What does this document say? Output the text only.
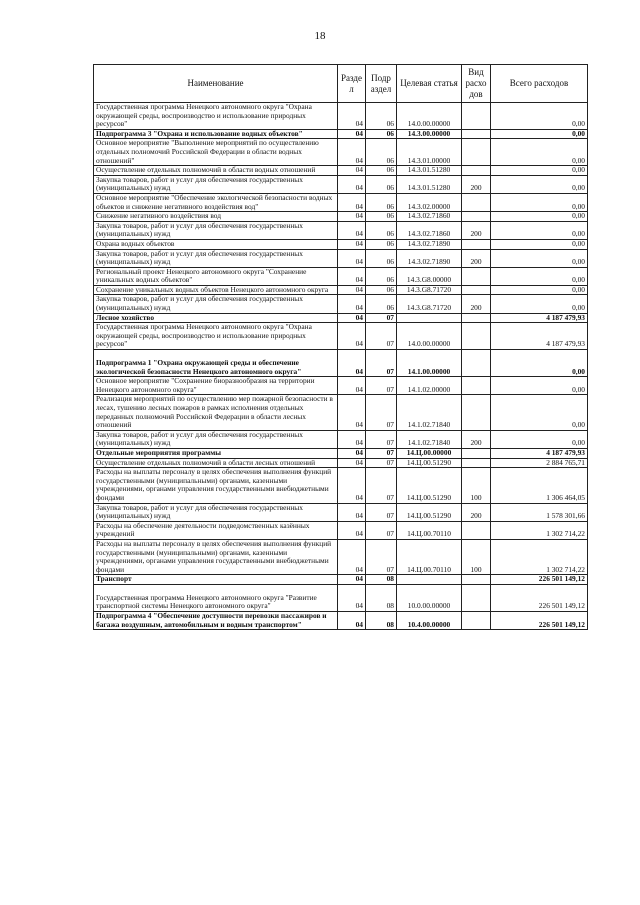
18
Наименование	Разде л	Подр аздел	Целевая статья	Вид расхо дов	Всего расходов
Государственная программа Ненецкого автономного округа "Охрана окружающей среды, воспроизводство и использование природных ресурсов"	04	06	14.0.00.00000		0,00
Подпрограмма 3 "Охрана и использование водных объектов"	04	06	14.3.00.00000		0,00
Основное мероприятие "Выполнение мероприятий по осуществлению отдельных полномочий Российской Федерации в области водных отношений"	04	06	14.3.01.00000		0,00
Осуществление отдельных полномочий в области водных отношений	04	06	14.3.01.51280		0,00
Закупка товаров, работ и услуг для обеспечения государственных (муниципальных) нужд	04	06	14.3.01.51280	200	0,00
Основное мероприятие "Обеспечение экологической безопасности водных объектов и снижение негативного воздействия вод"	04	06	14.3.02.00000		0,00
Снижение негативного воздействия вод	04	06	14.3.02.71860		0,00
Закупка товаров, работ и услуг для обеспечения государственных (муниципальных) нужд	04	06	14.3.02.71860	200	0,00
Охрана водных объектов	04	06	14.3.02.71890		0,00
Закупка товаров, работ и услуг для обеспечения государственных (муниципальных) нужд	04	06	14.3.02.71890	200	0,00
Региональный проект Ненецкого автономного округа "Сохранение уникальных водных объектов"	04	06	14.3.G8.00000		0,00
Сохранение уникальных водных объектов Ненецкого автономного округа	04	06	14.3.G8.71720		0,00
Закупка товаров, работ и услуг для обеспечения государственных (муниципальных) нужд	04	06	14.3.G8.71720	200	0,00
Лесное хозяйство	04	07			4 187 479,93
Государственная программа Ненецкого автономного округа "Охрана окружающей среды, воспроизводство и использование природных ресурсов"	04	07	14.0.00.00000		4 187 479,93
Подпрограмма 1 "Охрана окружающей среды и обеспечение экологической безопасности Ненецкого автономного округа"	04	07	14.1.00.00000		0,00
Основное мероприятие "Сохранение биоразнообразия на территории Ненецкого автономного округа"	04	07	14.1.02.00000		0,00
Реализация мероприятий по осуществлению мер пожарной безопасности в лесах, тушению лесных пожаров в рамках исполнения отдельных переданных полномочий Российской Федерации в области лесных отношений	04	07	14.1.02.71840		0,00
Закупка товаров, работ и услуг для обеспечения государственных (муниципальных) нужд	04	07	14.1.02.71840	200	0,00
Отдельные мероприятия программы	04	07	14.Ц.00.00000		4 187 479,93
Осуществление отдельных полномочий в области лесных отношений	04	07	14.Ц.00.51290		2 884 765,71
Расходы на выплаты персоналу в целях обеспечения выполнения функций государственными (муниципальными) органами, казенными учреждениями, органами управления государственными внебюджетными фондами	04	07	14.Ц.00.51290	100	1 306 464,05
Закупка товаров, работ и услуг для обеспечения государственных (муниципальных) нужд	04	07	14.Ц.00.51290	200	1 578 301,66
Расходы на обеспечение деятельности подведомственных казённых учреждений	04	07	14.Ц.00.70110		1 302 714,22
Расходы на выплаты персоналу в целях обеспечения выполнения функций государственными (муниципальными) органами, казенными учреждениями, органами управления государственными внебюджетными фондами	04	07	14.Ц.00.70110	100	1 302 714,22
Транспорт	04	08			226 501 149,12
Государственная программа Ненецкого автономного округа "Развитие транспортной системы Ненецкого автономного округа"	04	08	10.0.00.00000		226 501 149,12
Подпрограмма 4 "Обеспечение доступности перевозки пассажиров и багажа воздушным, автомобильным и водным транспортом"	04	08	10.4.00.00000		226 501 149,12
